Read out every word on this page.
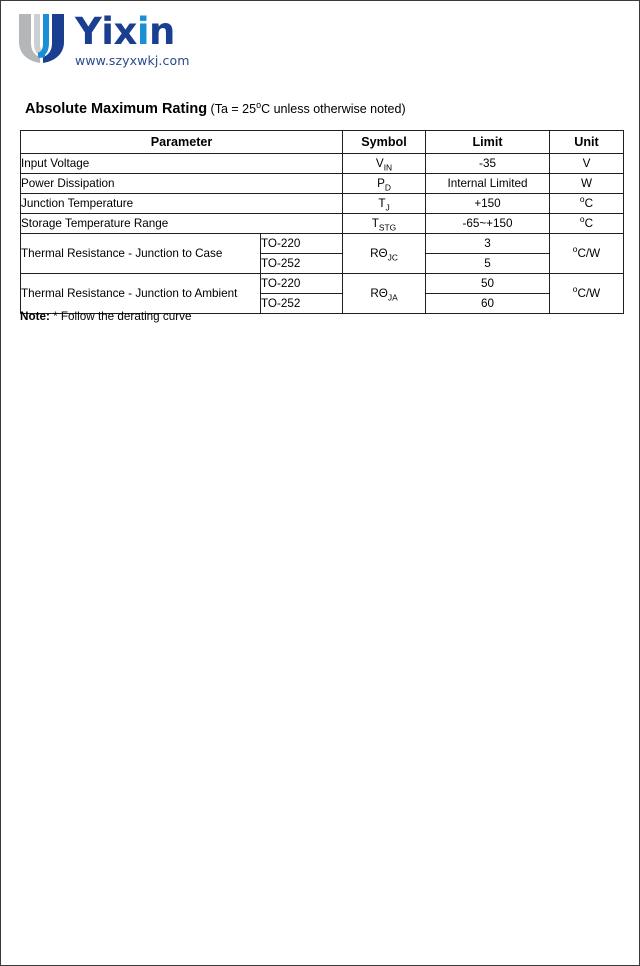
Yixin
www.szyxwkj.com
Absolute Maximum Rating ($Ta = 25^oC$ unless otherwise noted)
Parameter		Symbol	Limit	Unit
Input Voltage		$V_{IN}$	-35	V
Power Dissipation		$P_D$	Internal Limited	W
Junction Temperature		$T_J$	+150	$^o$C
Storage Temperature Range		$T_{STG}$	-65~+150	$^o$C
Thermal Resistance - Junction to Case	TO-220	$R\Theta_{JC}$	3	$^o$C/W
	TO-252		5	
Thermal Resistance - Junction to Ambient	TO-220	$R\Theta_{JA}$	50	$^o$C/W
	TO-252		60	
Note: * Follow the derating curve
